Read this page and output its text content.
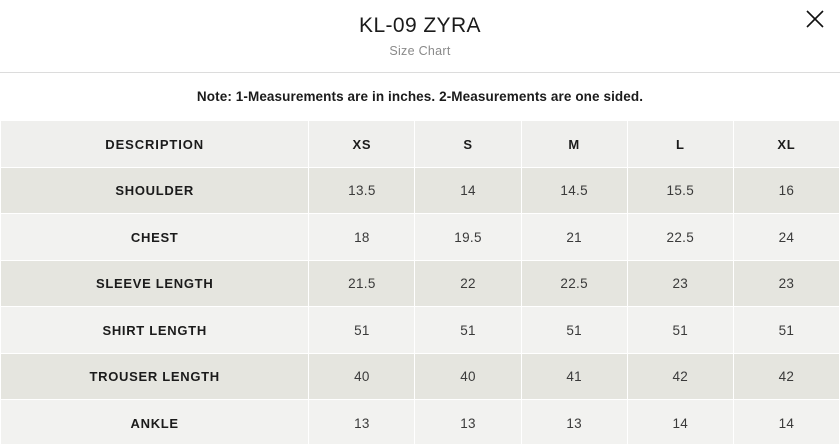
KL-09 ZYRA
Size Chart
Note: 1-Measurements are in inches. 2-Measurements are one sided.
DESCRIPTION	XS	S	M	L	XL
SHOULDER	13.5	14	14.5	15.5	16
CHEST	18	19.5	21	22.5	24
SLEEVE LENGTH	21.5	22	22.5	23	23
SHIRT LENGTH	51	51	51	51	51
TROUSER LENGTH	40	40	41	42	42
ANKLE	13	13	13	14	14
